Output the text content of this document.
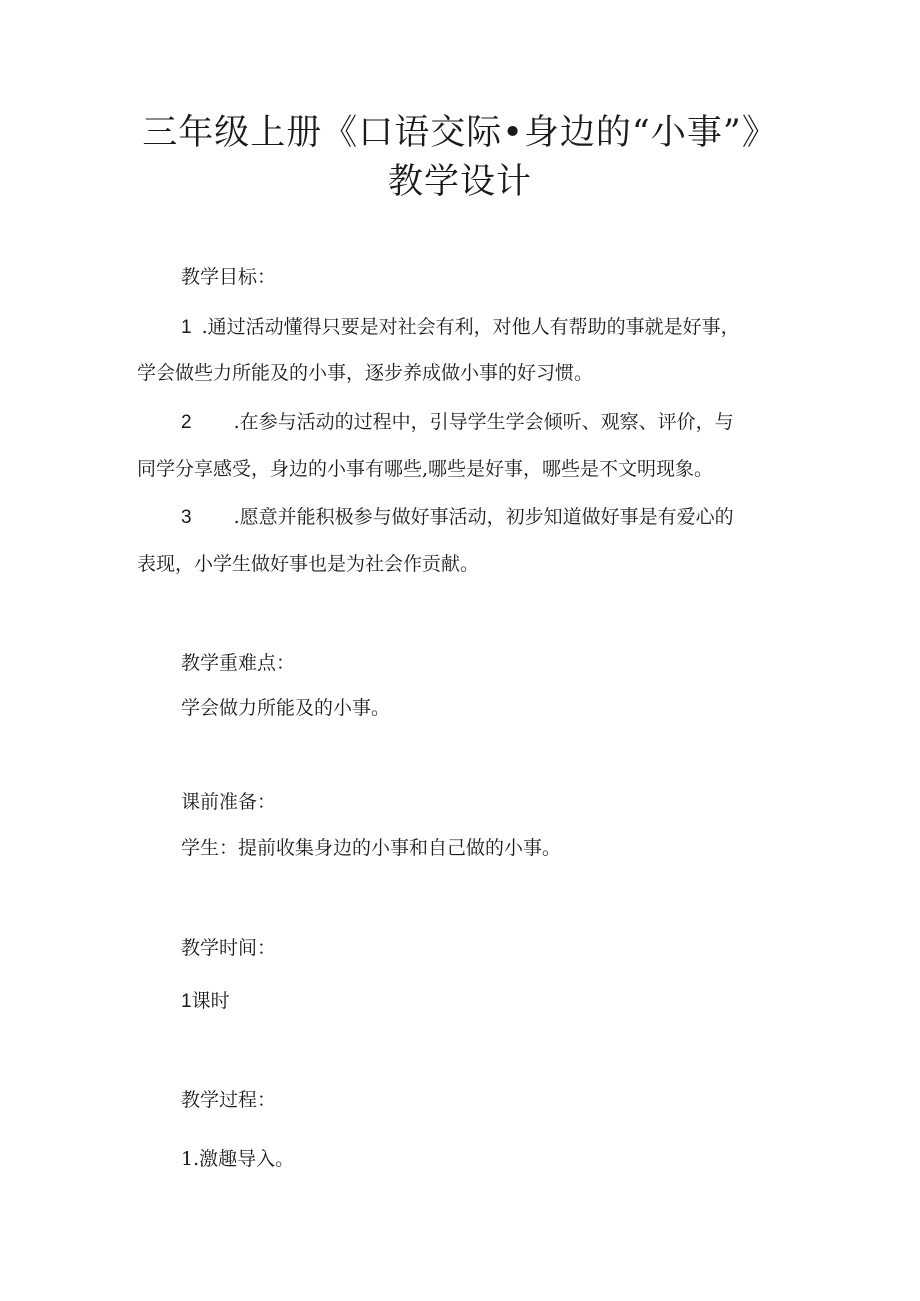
三年级上册《口语交际•身边的“小事”》
教学设计
教学目标：
1 .通过活动懂得只要是对社会有利，对他人有帮助的事就是好事，
学会做些力所能及的小事，逐步养成做小事的好习惯。
2 .在参与活动的过程中，引导学生学会倾听、观察、评价，与
同学分享感受，身边的小事有哪些,哪些是好事，哪些是不文明现象。
3 .愿意并能积极参与做好事活动，初步知道做好事是有爱心的
表现，小学生做好事也是为社会作贡献。
教学重难点：
学会做力所能及的小事。
课前准备：
学生：提前收集身边的小事和自己做的小事。
教学时间：
1课时
教学过程：
1.激趣导入。
